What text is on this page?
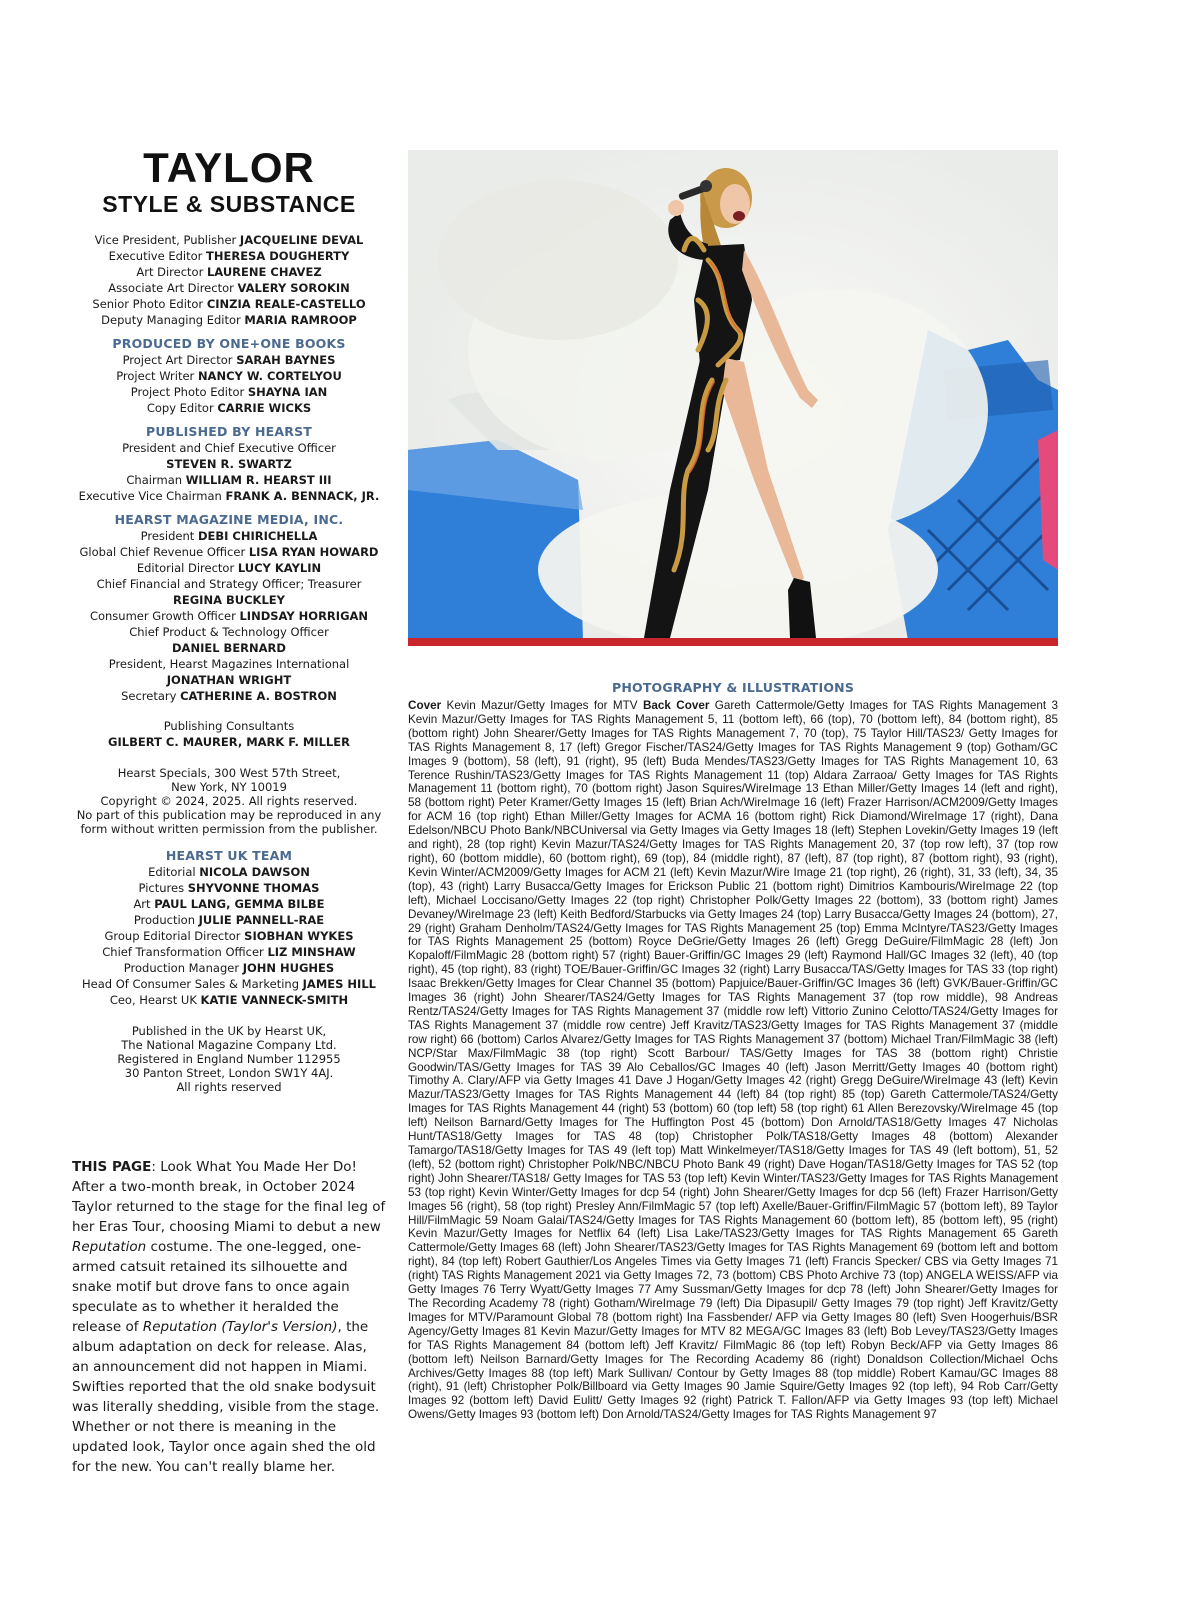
TAYLOR
STYLE & SUBSTANCE
Vice President, Publisher JACQUELINE DEVAL
Executive Editor THERESA DOUGHERTY
Art Director LAURENE CHAVEZ
Associate Art Director VALERY SOROKIN
Senior Photo Editor CINZIA REALE-CASTELLO
Deputy Managing Editor MARIA RAMROOP
PRODUCED BY ONE+ONE BOOKS
Project Art Director SARAH BAYNES
Project Writer NANCY W. CORTELYOU
Project Photo Editor SHAYNA IAN
Copy Editor CARRIE WICKS
PUBLISHED BY HEARST
President and Chief Executive Officer
STEVEN R. SWARTZ
Chairman WILLIAM R. HEARST III
Executive Vice Chairman FRANK A. BENNACK, JR.
HEARST MAGAZINE MEDIA, INC.
President DEBI CHIRICHELLA
Global Chief Revenue Officer LISA RYAN HOWARD
Editorial Director LUCY KAYLIN
Chief Financial and Strategy Officer; Treasurer
REGINA BUCKLEY
Consumer Growth Officer LINDSAY HORRIGAN
Chief Product & Technology Officer
DANIEL BERNARD
President, Hearst Magazines International
JONATHAN WRIGHT
Secretary CATHERINE A. BOSTRON
Publishing Consultants
GILBERT C. MAURER, MARK F. MILLER
Hearst Specials, 300 West 57th Street,
New York, NY 10019
Copyright © 2024, 2025. All rights reserved.
No part of this publication may be reproduced in any
form without written permission from the publisher.
HEARST UK TEAM
Editorial NICOLA DAWSON
Pictures SHYVONNE THOMAS
Art PAUL LANG, GEMMA BILBE
Production JULIE PANNELL-RAE
Group Editorial Director SIOBHAN WYKES
Chief Transformation Officer LIZ MINSHAW
Production Manager JOHN HUGHES
Head Of Consumer Sales & Marketing JAMES HILL
Ceo, Hearst UK KATIE VANNECK-SMITH
Published in the UK by Hearst UK,
The National Magazine Company Ltd.
Registered in England Number 112955
30 Panton Street, London SW1Y 4AJ.
All rights reserved
THIS PAGE: Look What You Made Her Do! After a two-month break, in October 2024 Taylor returned to the stage for the final leg of her Eras Tour, choosing Miami to debut a new Reputation costume. The one-legged, one-armed catsuit retained its silhouette and snake motif but drove fans to once again speculate as to whether it heralded the release of Reputation (Taylor's Version), the album adaptation on deck for release. Alas, an announcement did not happen in Miami. Swifties reported that the old snake bodysuit was literally shedding, visible from the stage. Whether or not there is meaning in the updated look, Taylor once again shed the old for the new. You can't really blame her.
PHOTOGRAPHY & ILLUSTRATIONS
Cover Kevin Mazur/Getty Images for MTV Back Cover Gareth Cattermole/Getty Images for TAS Rights Management 3 Kevin Mazur/Getty Images for TAS Rights Management 5, 11 (bottom left), 66 (top), 70 (bottom left), 84 (bottom right), 85 (bottom right) John Shearer/Getty Images for TAS Rights Management 7, 70 (top), 75 Taylor Hill/TAS23/ Getty Images for TAS Rights Management 8, 17 (left) Gregor Fischer/TAS24/Getty Images for TAS Rights Management 9 (top) Gotham/GC Images 9 (bottom), 58 (left), 91 (right), 95 (left) Buda Mendes/TAS23/Getty Images for TAS Rights Management 10, 63 Terence Rushin/TAS23/Getty Images for TAS Rights Management 11 (top) Aldara Zarraoa/ Getty Images for TAS Rights Management 11 (bottom right), 70 (bottom right) Jason Squires/WireImage 13 Ethan Miller/Getty Images 14 (left and right), 58 (bottom right) Peter Kramer/Getty Images 15 (left) Brian Ach/WireImage 16 (left) Frazer Harrison/ACM2009/Getty Images for ACM 16 (top right) Ethan Miller/Getty Images for ACMA 16 (bottom right) Rick Diamond/WireImage 17 (right), Dana Edelson/NBCU Photo Bank/NBCUniversal via Getty Images via Getty Images 18 (left) Stephen Lovekin/Getty Images 19 (left and right), 28 (top right) Kevin Mazur/TAS24/Getty Images for TAS Rights Management 20, 37 (top row left), 37 (top row right), 60 (bottom middle), 60 (bottom right), 69 (top), 84 (middle right), 87 (left), 87 (top right), 87 (bottom right), 93 (right), Kevin Winter/ACM2009/Getty Images for ACM 21 (left) Kevin Mazur/Wire Image 21 (top right), 26 (right), 31, 33 (left), 34, 35 (top), 43 (right) Larry Busacca/Getty Images for Erickson Public 21 (bottom right) Dimitrios Kambouris/WireImage 22 (top left), Michael Loccisano/Getty Images 22 (top right) Christopher Polk/Getty Images 22 (bottom), 33 (bottom right) James Devaney/WireImage 23 (left) Keith Bedford/Starbucks via Getty Images 24 (top) Larry Busacca/Getty Images 24 (bottom), 27, 29 (right) Graham Denholm/TAS24/Getty Images for TAS Rights Management 25 (top) Emma McIntyre/TAS23/Getty Images for TAS Rights Management 25 (bottom) Royce DeGrie/Getty Images 26 (left) Gregg DeGuire/FilmMagic 28 (left) Jon Kopaloff/FilmMagic 28 (bottom right) 57 (right) Bauer-Griffin/GC Images 29 (left) Raymond Hall/GC Images 32 (left), 40 (top right), 45 (top right), 83 (right) TOE/Bauer-Griffin/GC Images 32 (right) Larry Busacca/TAS/Getty Images for TAS 33 (top right) Isaac Brekken/Getty Images for Clear Channel 35 (bottom) Papjuice/Bauer-Griffin/GC Images 36 (left) GVK/Bauer-Griffin/GC Images 36 (right) John Shearer/TAS24/Getty Images for TAS Rights Management 37 (top row middle), 98 Andreas Rentz/TAS24/Getty Images for TAS Rights Management 37 (middle row left) Vittorio Zunino Celotto/TAS24/Getty Images for TAS Rights Management 37 (middle row centre) Jeff Kravitz/TAS23/Getty Images for TAS Rights Management 37 (middle row right) 66 (bottom) Carlos Alvarez/Getty Images for TAS Rights Management 37 (bottom) Michael Tran/FilmMagic 38 (left) NCP/Star Max/FilmMagic 38 (top right) Scott Barbour/ TAS/Getty Images for TAS 38 (bottom right) Christie Goodwin/TAS/Getty Images for TAS 39 Alo Ceballos/GC Images 40 (left) Jason Merritt/Getty Images 40 (bottom right) Timothy A. Clary/AFP via Getty Images 41 Dave J Hogan/Getty Images 42 (right) Gregg DeGuire/WireImage 43 (left) Kevin Mazur/TAS23/Getty Images for TAS Rights Management 44 (left) 84 (top right) 85 (top) Gareth Cattermole/TAS24/Getty Images for TAS Rights Management 44 (right) 53 (bottom) 60 (top left) 58 (top right) 61 Allen Berezovsky/WireImage 45 (top left) Neilson Barnard/Getty Images for The Huffington Post 45 (bottom) Don Arnold/TAS18/Getty Images 47 Nicholas Hunt/TAS18/Getty Images for TAS 48 (top) Christopher Polk/TAS18/Getty Images 48 (bottom) Alexander Tamargo/TAS18/Getty Images for TAS 49 (left top) Matt Winkelmeyer/TAS18/Getty Images for TAS 49 (left bottom), 51, 52 (left), 52 (bottom right) Christopher Polk/NBC/NBCU Photo Bank 49 (right) Dave Hogan/TAS18/Getty Images for TAS 52 (top right) John Shearer/TAS18/ Getty Images for TAS 53 (top left) Kevin Winter/TAS23/Getty Images for TAS Rights Management 53 (top right) Kevin Winter/Getty Images for dcp 54 (right) John Shearer/Getty Images for dcp 56 (left) Frazer Harrison/Getty Images 56 (right), 58 (top right) Presley Ann/FilmMagic 57 (top left) Axelle/Bauer-Griffin/FilmMagic 57 (bottom left), 89 Taylor Hill/FilmMagic 59 Noam Galai/TAS24/Getty Images for TAS Rights Management 60 (bottom left), 85 (bottom left), 95 (right) Kevin Mazur/Getty Images for Netflix 64 (left) Lisa Lake/TAS23/Getty Images for TAS Rights Management 65 Gareth Cattermole/Getty Images 68 (left) John Shearer/TAS23/Getty Images for TAS Rights Management 69 (bottom left and bottom right), 84 (top left) Robert Gauthier/Los Angeles Times via Getty Images 71 (left) Francis Specker/ CBS via Getty Images 71 (right) TAS Rights Management 2021 via Getty Images 72, 73 (bottom) CBS Photo Archive 73 (top) ANGELA WEISS/AFP via Getty Images 76 Terry Wyatt/Getty Images 77 Amy Sussman/Getty Images for dcp 78 (left) John Shearer/Getty Images for The Recording Academy 78 (right) Gotham/WireImage 79 (left) Dia Dipasupil/ Getty Images 79 (top right) Jeff Kravitz/Getty Images for MTV/Paramount Global 78 (bottom right) Ina Fassbender/ AFP via Getty Images 80 (left) Sven Hoogerhuis/BSR Agency/Getty Images 81 Kevin Mazur/Getty Images for MTV 82 MEGA/GC Images 83 (left) Bob Levey/TAS23/Getty Images for TAS Rights Management 84 (bottom left) Jeff Kravitz/ FilmMagic 86 (top left) Robyn Beck/AFP via Getty Images 86 (bottom left) Neilson Barnard/Getty Images for The Recording Academy 86 (right) Donaldson Collection/Michael Ochs Archives/Getty Images 88 (top left) Mark Sullivan/ Contour by Getty Images 88 (top middle) Robert Kamau/GC Images 88 (right), 91 (left) Christopher Polk/Billboard via Getty Images 90 Jamie Squire/Getty Images 92 (top left), 94 Rob Carr/Getty Images 92 (bottom left) David Eulitt/ Getty Images 92 (right) Patrick T. Fallon/AFP via Getty Images 93 (top left) Michael Owens/Getty Images 93 (bottom left) Don Arnold/TAS24/Getty Images for TAS Rights Management 97
